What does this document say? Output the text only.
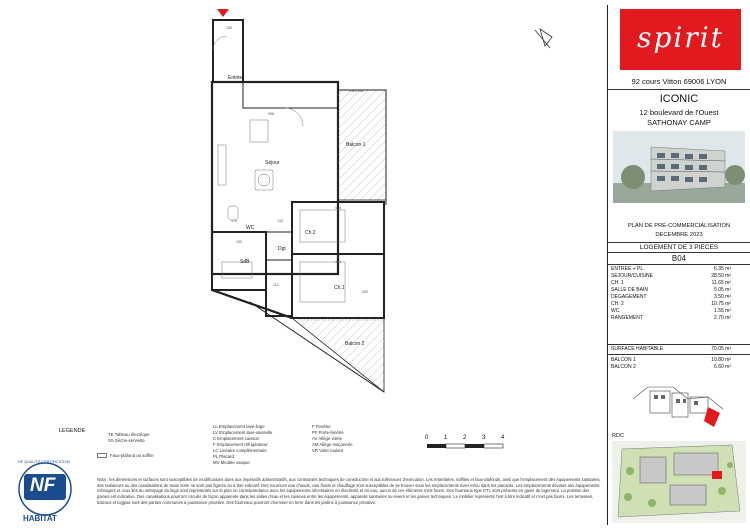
156
Entrée
Pare-vue
596
Séjour
Balcon 1
414
WC
170	133
Ch.2
250
Dgt
SdB	414
110	Ch.1
300
Balcon 2
LEGENDE
TE Tableau électrique
SS Sèche-serviette
Faux-plafond ou soffite
LL Emplacement lave-linge
LV Emplacement lave-vaisselle
C Emplacement cuisson
F Emplacement réfrigérateur
LC Linéaire complémentaire
PL Placard
MV Meuble vasque
F Fenêtre
PF Porte-fenêtre
AV Allège vitrée
AM Allège maçonnée
VR Volet roulant
0	1	2	3	4
NF QUALITÉ CERTIFICATION
NF
HABITAT
Nota : les dimensions et surfaces sont susceptibles de modifications dues aux impératifs administratifs, aux contraintes techniques de construction et aux tolérances d'exécution. Les retombées, soffites et faux-plafonds, ainsi que l'emplacement des équipements sanitaires, des radiateurs ou des canalisations de toute sorte ne sont pas figurés ou à titre indicatif. Des nourrices eau chaude, eau froide et chauffage sont susceptibles de se trouver sous les emplacements évier et/ou dans les placards. Les emplacements dévolus aux équipements ménagers et ceux liés au nettoyage du linge sont représentés sur le plan en correspondance avec les équipements nécessaires en électricité et en eau, aucun de ces éléments n'est fourni. Des fourreaux type GTL sont présents en gaine de logement. La position des gaines est indicative. Des canalisations pourront circuler de façon apparente dans les salles d'eau et les cuisines entre les équipements, appareils sanitaires ou éviers et les gaines techniques. Le mobilier représenté l'est à titre indicatif et n'est pas fourni. Les terrasses, balcons et loggias sont des parties communes à jouissance privative. Des fourreaux pourront cheminer en terre dans les jardins à jouissance privative.
spirit
92 cours Vitton 69006 LYON
ICONIC
12 boulevard de l'Ouest
SATHONAY CAMP
PLAN DE PRÉ-COMMERCIALISATION
DECEMBRE 2023
LOGEMENT DE 3 PIECES
B04
ENTREE + PL.	6.35 m²
SEJOUR/CUISINE	28.50 m²
CH. 1	11.65 m²
SALLE DE BAIN	5.05 m²
DEGAGEMENT	3.50 m²
CH. 2	10.75 m²
WC	1.55 m²
RANGEMENT	2.70 m²
SURFACE HABITABLE	70.05 m²
BALCON 1	10.80 m²
BALCON 2	6.60 m²
RDC
